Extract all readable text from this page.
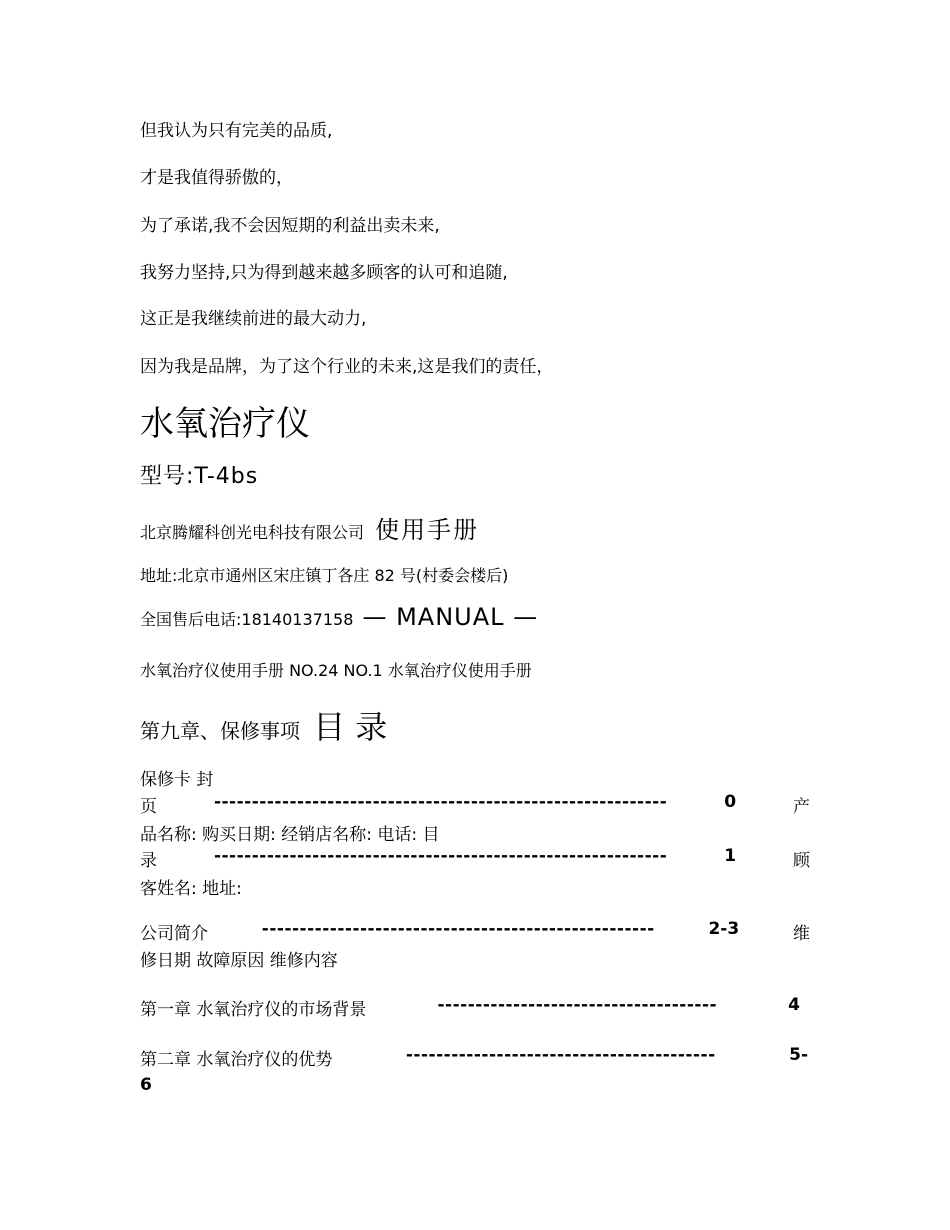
但我认为只有完美的品质,
才是我值得骄傲的，
为了承诺,我不会因短期的利益出卖未来,
我努力坚持,只为得到越来越多顾客的认可和追随,
这正是我继续前进的最大动力,
因为我是品牌，为了这个行业的未来,这是我们的责任，
水氧治疗仪
型号:T-4bs
北京腾耀科创光电科技有限公司 使用手册
地址:北京市通州区宋庄镇丁各庄 82 号(村委会楼后)
全国售后电话:18140137158 — MANUAL —
水氧治疗仪使用手册 NO.24 NO.1 水氧治疗仪使用手册
第九章、保修事项 目 录
保修卡 封
页	------------------------------------------------------------	0	产
品名称: 购买日期: 经销店名称: 电话: 目
录	------------------------------------------------------------	1	顾
客姓名: 地址:
公司简介	----------------------------------------------------	2-3	维
修日期 故障原因 维修内容
第一章 水氧治疗仪的市场背景	-------------------------------------	4
第二章 水氧治疗仪的优势	-----------------------------------------	5-
6
